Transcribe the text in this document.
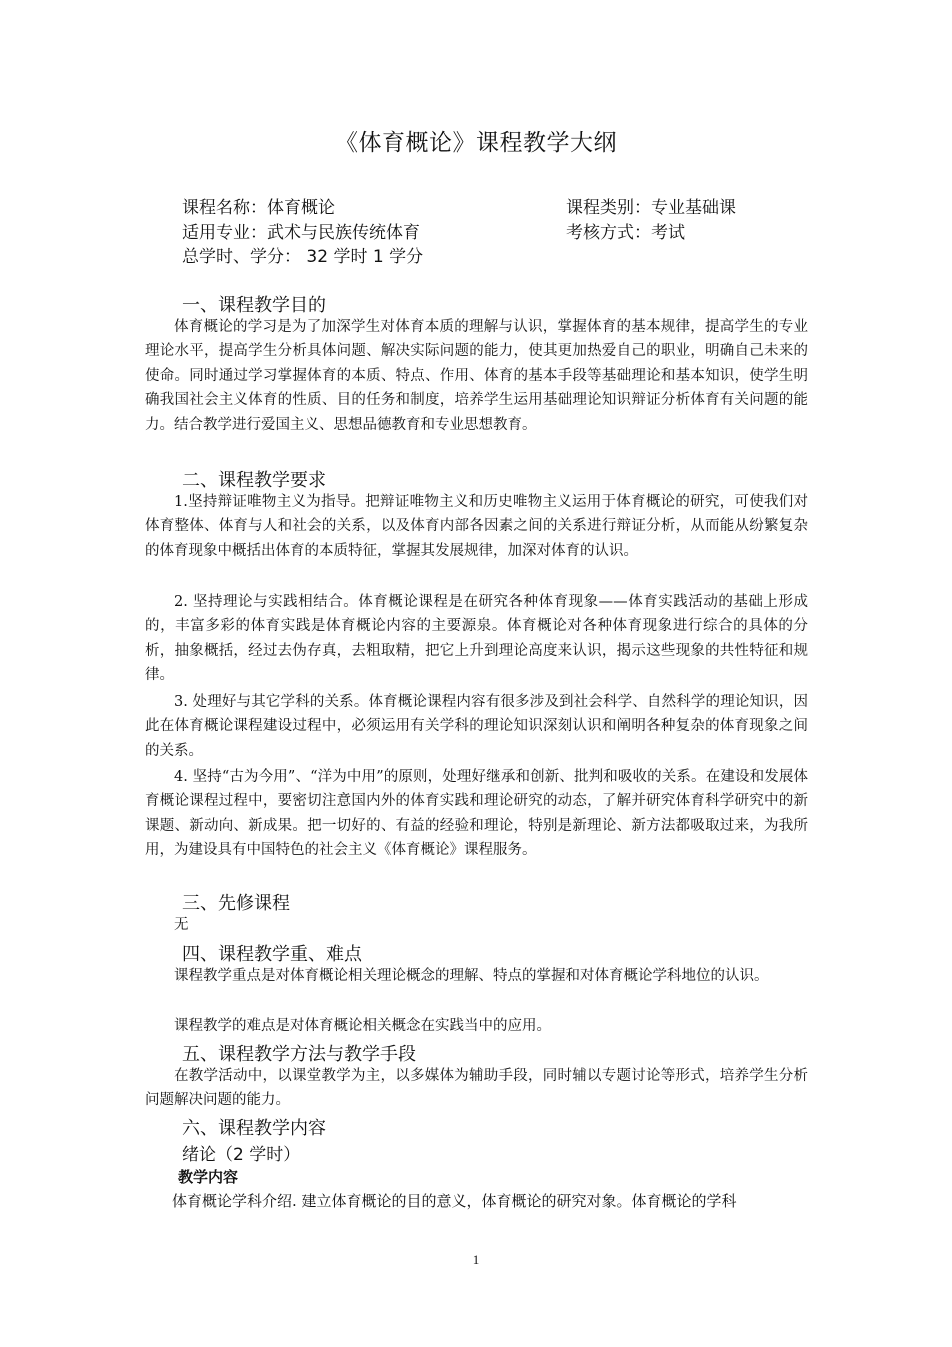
《体育概论》课程教学大纲
课程名称：体育概论	课程类别：专业基础课
适用专业：武术与民族传统体育	考核方式：考试
总学时、学分： 32 学时 1 学分
一、课程教学目的

体育概论的学习是为了加深学生对体育本质的理解与认识，掌握体育的基本规律，提高学生的专业理论水平，提高学生分析具体问题、解决实际问题的能力，使其更加热爱自己的职业，明确自己未来的使命。同时通过学习掌握体育的本质、特点、作用、体育的基本手段等基础理论和基本知识，使学生明确我国社会主义体育的性质、目的任务和制度，培养学生运用基础理论知识辩证分析体育有关问题的能力。结合教学进行爱国主义、思想品德教育和专业思想教育。

二、课程教学要求

1.坚持辩证唯物主义为指导。把辩证唯物主义和历史唯物主义运用于体育概论的研究，可使我们对体育整体、体育与人和社会的关系，以及体育内部各因素之间的关系进行辩证分析，从而能从纷繁复杂的体育现象中概括出体育的本质特征，掌握其发展规律，加深对体育的认识。

2. 坚持理论与实践相结合。体育概论课程是在研究各种体育现象——体育实践活动的基础上形成的，丰富多彩的体育实践是体育概论内容的主要源泉。体育概论对各种体育现象进行综合的具体的分析，抽象概括，经过去伪存真，去粗取精，把它上升到理论高度来认识，揭示这些现象的共性特征和规律。

3. 处理好与其它学科的关系。体育概论课程内容有很多涉及到社会科学、自然科学的理论知识，因此在体育概论课程建设过程中，必须运用有关学科的理论知识深刻认识和阐明各种复杂的体育现象之间的关系。

4. 坚持“古为今用”、“洋为中用”的原则，处理好继承和创新、批判和吸收的关系。在建设和发展体育概论课程过程中，要密切注意国内外的体育实践和理论研究的动态，了解并研究体育科学研究中的新课题、新动向、新成果。把一切好的、有益的经验和理论，特别是新理论、新方法都吸取过来，为我所用，为建设具有中国特色的社会主义《体育概论》课程服务。

三、先修课程

无

四、课程教学重、难点

课程教学重点是对体育概论相关理论概念的理解、特点的掌握和对体育概论学科地位的认识。

课程教学的难点是对体育概论相关概念在实践当中的应用。

五、课程教学方法与教学手段

在教学活动中，以课堂教学为主，以多媒体为辅助手段，同时辅以专题讨论等形式，培养学生分析问题解决问题的能力。

六、课程教学内容
绪论（2 学时）
教学内容

体育概论学科介绍. 建立体育概论的目的意义，体育概论的研究对象。体育概论的学科

1
